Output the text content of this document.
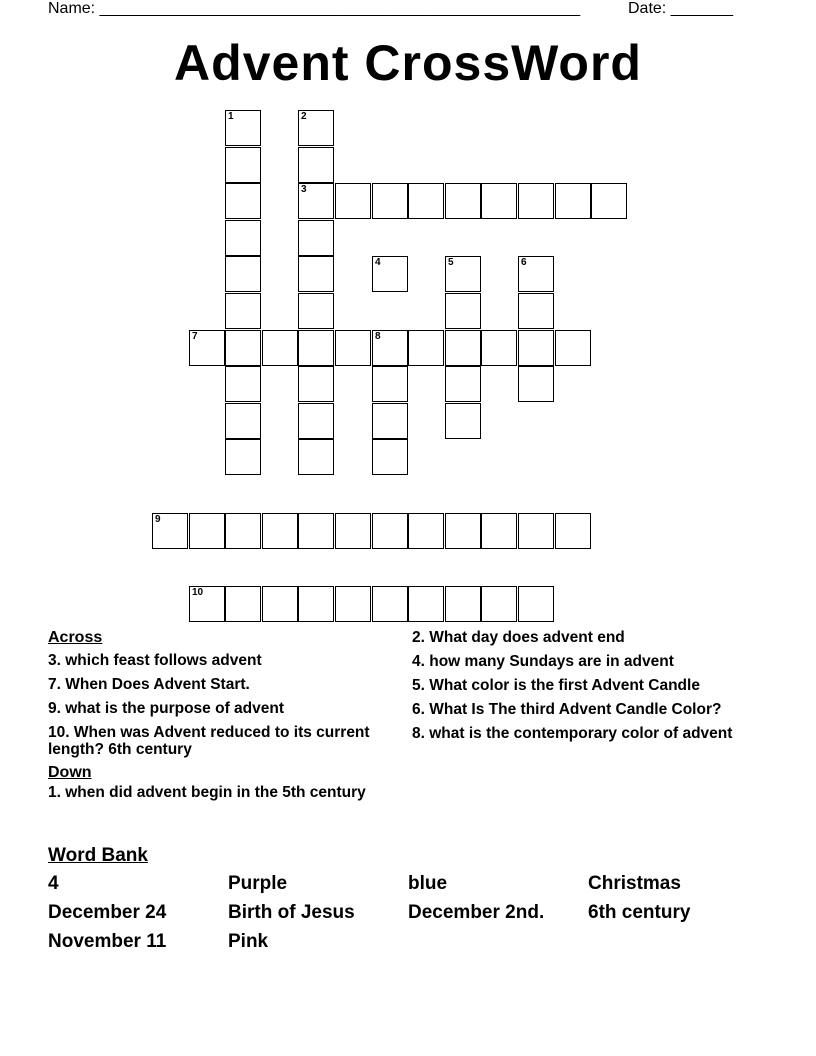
Name: ______________________________________________________	Date: _______
Advent CrossWord
1	2
3
4	5	6
7	8
9
10
Across
3. which feast follows advent
7. When Does Advent Start.
9. what is the purpose of advent
10. When was Advent reduced to its current length? 6th century
Down
1. when did advent begin in the 5th century
2. What day does advent end
4. how many Sundays are in advent
5. What color is the first Advent Candle
6. What Is The third Advent Candle Color?
8. what is the contemporary color of advent
Word Bank
4	Purple	blue	Christmas
December 24	Birth of Jesus	December 2nd.	6th century
November 11	Pink
